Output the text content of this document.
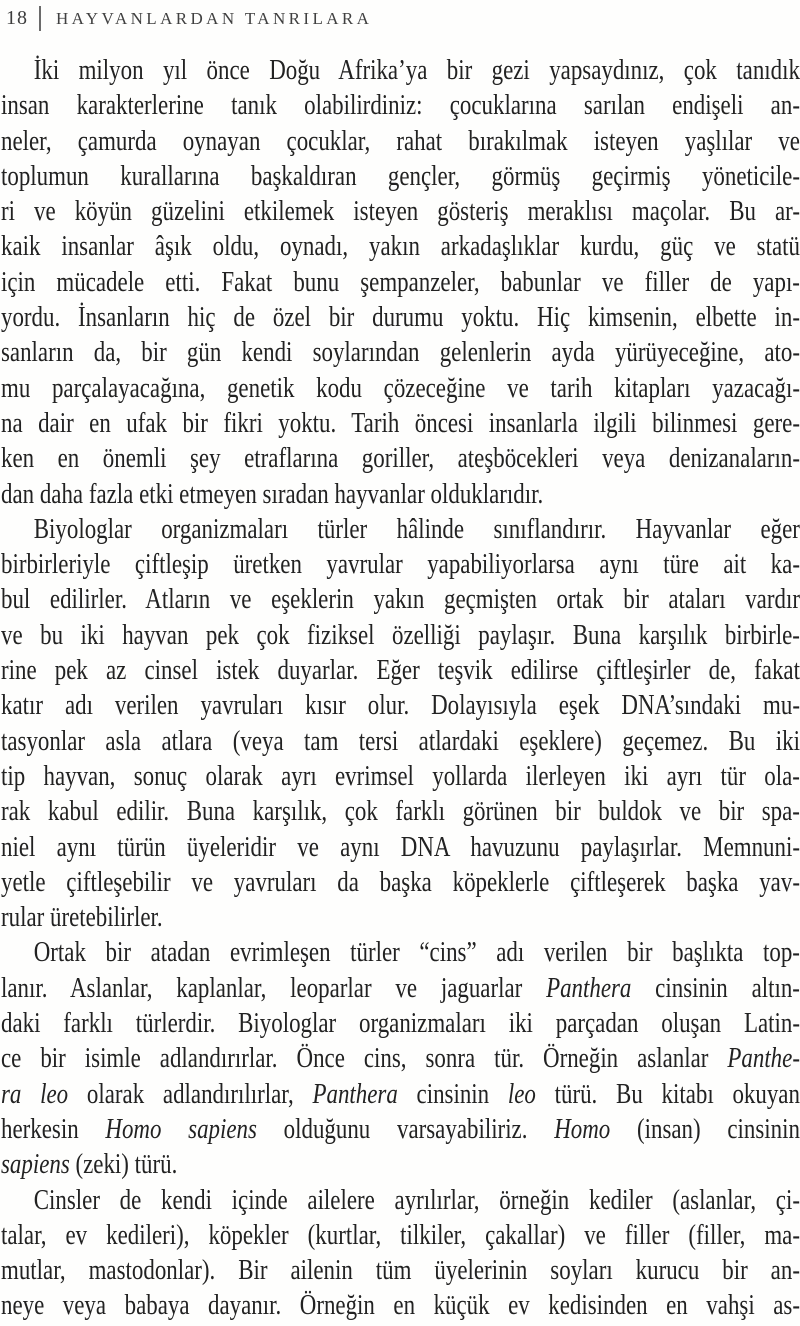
18 HAYVANLARDAN TANRILARA
İki milyon yıl önce Doğu Afrika’ya bir gezi yapsaydınız, çok tanıdık
insan karakterlerine tanık olabilirdiniz: çocuklarına sarılan endişeli an-
neler, çamurda oynayan çocuklar, rahat bırakılmak isteyen yaşlılar ve
toplumun kurallarına başkaldıran gençler, görmüş geçirmiş yöneticile-
ri ve köyün güzelini etkilemek isteyen gösteriş meraklısı maçolar. Bu ar-
kaik insanlar âşık oldu, oynadı, yakın arkadaşlıklar kurdu, güç ve statü
için mücadele etti. Fakat bunu şempanzeler, babunlar ve filler de yapı-
yordu. İnsanların hiç de özel bir durumu yoktu. Hiç kimsenin, elbette in-
sanların da, bir gün kendi soylarından gelenlerin ayda yürüyeceğine, ato-
mu parçalayacağına, genetik kodu çözeceğine ve tarih kitapları yazacağı-
na dair en ufak bir fikri yoktu. Tarih öncesi insanlarla ilgili bilinmesi gere-
ken en önemli şey etraflarına goriller, ateşböcekleri veya denizanaların-
dan daha fazla etki etmeyen sıradan hayvanlar olduklarıdır.
Biyologlar organizmaları türler hâlinde sınıflandırır. Hayvanlar eğer
birbirleriyle çiftleşip üretken yavrular yapabiliyorlarsa aynı türe ait ka-
bul edilirler. Atların ve eşeklerin yakın geçmişten ortak bir ataları vardır
ve bu iki hayvan pek çok fiziksel özelliği paylaşır. Buna karşılık birbirle-
rine pek az cinsel istek duyarlar. Eğer teşvik edilirse çiftleşirler de, fakat
katır adı verilen yavruları kısır olur. Dolayısıyla eşek DNA’sındaki mu-
tasyonlar asla atlara (veya tam tersi atlardaki eşeklere) geçemez. Bu iki
tip hayvan, sonuç olarak ayrı evrimsel yollarda ilerleyen iki ayrı tür ola-
rak kabul edilir. Buna karşılık, çok farklı görünen bir buldok ve bir spa-
niel aynı türün üyeleridir ve aynı DNA havuzunu paylaşırlar. Memnuni-
yetle çiftleşebilir ve yavruları da başka köpeklerle çiftleşerek başka yav-
rular üretebilirler.
Ortak bir atadan evrimleşen türler “cins” adı verilen bir başlıkta top-
lanır. Aslanlar, kaplanlar, leoparlar ve jaguarlar Panthera cinsinin altın-
daki farklı türlerdir. Biyologlar organizmaları iki parçadan oluşan Latin-
ce bir isimle adlandırırlar. Önce cins, sonra tür. Örneğin aslanlar Panthe-
ra leo olarak adlandırılırlar, Panthera cinsinin leo türü. Bu kitabı okuyan
herkesin Homo sapiens olduğunu varsayabiliriz. Homo (insan) cinsinin
sapiens (zeki) türü.
Cinsler de kendi içinde ailelere ayrılırlar, örneğin kediler (aslanlar, çi-
talar, ev kedileri), köpekler (kurtlar, tilkiler, çakallar) ve filler (filler, ma-
mutlar, mastodonlar). Bir ailenin tüm üyelerinin soyları kurucu bir an-
neye veya babaya dayanır. Örneğin en küçük ev kedisinden en vahşi as-
